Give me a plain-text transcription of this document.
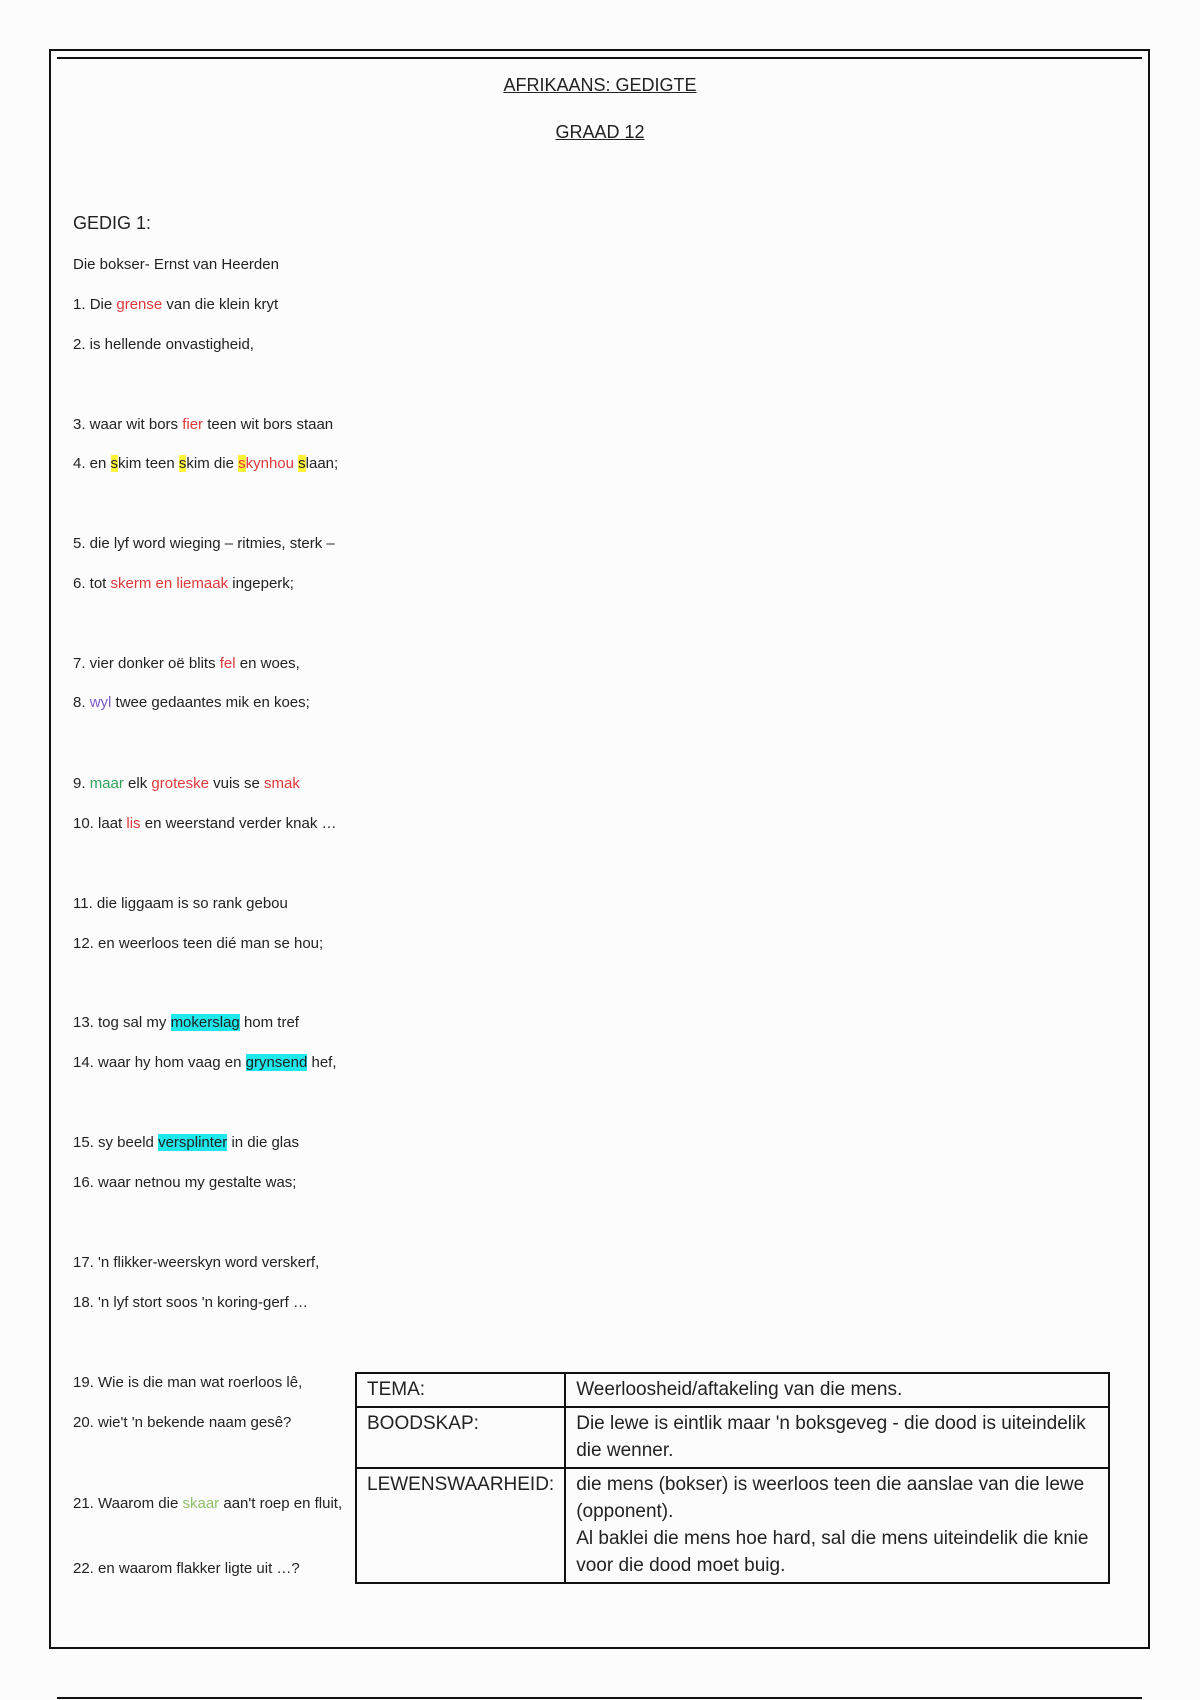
AFRIKAANS: GEDIGTE
GRAAD 12
GEDIG 1:
Die bokser- Ernst van Heerden
1. Die grense van die klein kryt
2. is hellende onvastigheid,
3. waar wit bors fier teen wit bors staan
4. en skim teen skim die skynhou slaan;
5. die lyf word wieging – ritmies, sterk –
6. tot skerm en liemaak ingeperk;
7. vier donker oë blits fel en woes,
8. wyl twee gedaantes mik en koes;
9. maar elk groteske vuis se smak
10. laat lis en weerstand verder knak …
11. die liggaam is so rank gebou
12. en weerloos teen dié man se hou;
13. tog sal my mokerslag hom tref
14. waar hy hom vaag en grynsend hef,
15. sy beeld versplinter in die glas
16. waar netnou my gestalte was;
17. 'n flikker-weerskyn word verskerf,
18. 'n lyf stort soos 'n koring-gerf …
19. Wie is die man wat roerloos lê,
20. wie't 'n bekende naam gesê?
21. Waarom die skaar aan't roep en fluit,
22. en waarom flakker ligte uit …?
TEMA:	Weerloosheid/aftakeling van die mens.
BOODSKAP:	Die lewe is eintlik maar 'n boksgeveg - die dood is uiteindelik die wenner.
LEWENSWAARHEID:	die mens (bokser) is weerloos teen die aanslae van die lewe (opponent).
Al baklei die mens hoe hard, sal die mens uiteindelik die knie voor die dood moet buig.
